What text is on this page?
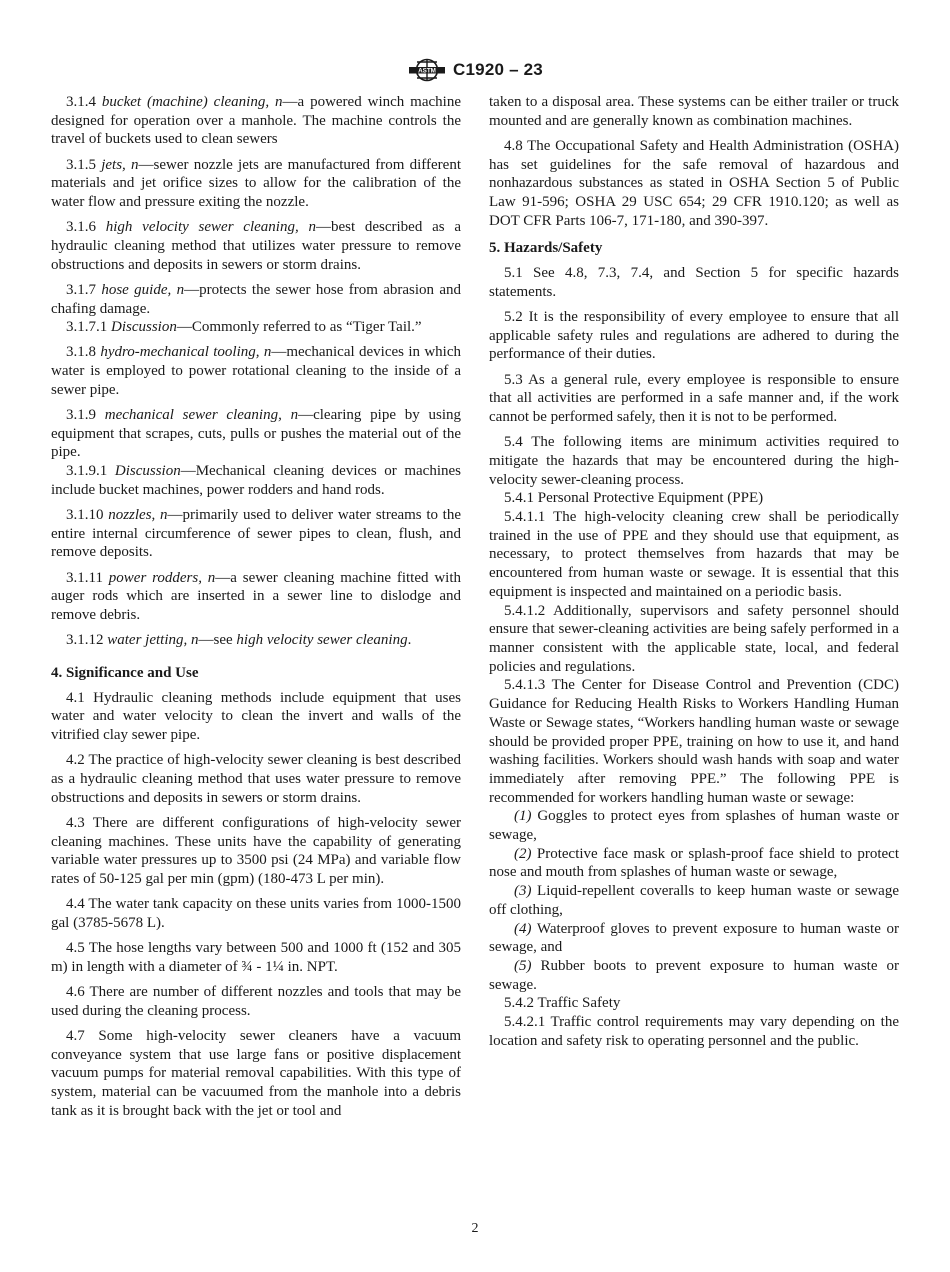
ASTM C1920 – 23

3.1.4 bucket (machine) cleaning, n—a powered winch machine designed for operation over a manhole. The machine controls the travel of buckets used to clean sewers

3.1.5 jets, n—sewer nozzle jets are manufactured from different materials and jet orifice sizes to allow for the calibration of the water flow and pressure exiting the nozzle.

3.1.6 high velocity sewer cleaning, n—best described as a hydraulic cleaning method that utilizes water pressure to remove obstructions and deposits in sewers or storm drains.

3.1.7 hose guide, n—protects the sewer hose from abrasion and chafing damage.

3.1.7.1 Discussion—Commonly referred to as “Tiger Tail.”

3.1.8 hydro-mechanical tooling, n—mechanical devices in which water is employed to power rotational cleaning to the inside of a sewer pipe.

3.1.9 mechanical sewer cleaning, n—clearing pipe by using equipment that scrapes, cuts, pulls or pushes the material out of the pipe.

3.1.9.1 Discussion—Mechanical cleaning devices or machines include bucket machines, power rodders and hand rods.

3.1.10 nozzles, n—primarily used to deliver water streams to the entire internal circumference of sewer pipes to clean, flush, and remove deposits.

3.1.11 power rodders, n—a sewer cleaning machine fitted with auger rods which are inserted in a sewer line to dislodge and remove debris.

3.1.12 water jetting, n—see high velocity sewer cleaning.

4. Significance and Use

4.1 Hydraulic cleaning methods include equipment that uses water and water velocity to clean the invert and walls of the vitrified clay sewer pipe.

4.2 The practice of high-velocity sewer cleaning is best described as a hydraulic cleaning method that uses water pressure to remove obstructions and deposits in sewers or storm drains.

4.3 There are different configurations of high-velocity sewer cleaning machines. These units have the capability of generating variable water pressures up to 3500 psi (24 MPa) and variable flow rates of 50-125 gal per min (gpm) (180-473 L per min).

4.4 The water tank capacity on these units varies from 1000-1500 gal (3785-5678 L).

4.5 The hose lengths vary between 500 and 1000 ft (152 and 305 m) in length with a diameter of ¾ - 1¼ in. NPT.

4.6 There are number of different nozzles and tools that may be used during the cleaning process.

4.7 Some high-velocity sewer cleaners have a vacuum conveyance system that use large fans or positive displacement vacuum pumps for material removal capabilities. With this type of system, material can be vacuumed from the manhole into a debris tank as it is brought back with the jet or tool and

taken to a disposal area. These systems can be either trailer or truck mounted and are generally known as combination machines.

4.8 The Occupational Safety and Health Administration (OSHA) has set guidelines for the safe removal of hazardous and nonhazardous substances as stated in OSHA Section 5 of Public Law 91-596; OSHA 29 USC 654; 29 CFR 1910.120; as well as DOT CFR Parts 106-7, 171-180, and 390-397.

5. Hazards/Safety

5.1 See 4.8, 7.3, 7.4, and Section 5 for specific hazards statements.

5.2 It is the responsibility of every employee to ensure that all applicable safety rules and regulations are adhered to during the performance of their duties.

5.3 As a general rule, every employee is responsible to ensure that all activities are performed in a safe manner and, if the work cannot be performed safely, then it is not to be performed.

5.4 The following items are minimum activities required to mitigate the hazards that may be encountered during the high-velocity sewer-cleaning process.

5.4.1 Personal Protective Equipment (PPE)

5.4.1.1 The high-velocity cleaning crew shall be periodically trained in the use of PPE and they should use that equipment, as necessary, to protect themselves from hazards that may be encountered from human waste or sewage. It is essential that this equipment is inspected and maintained on a periodic basis.

5.4.1.2 Additionally, supervisors and safety personnel should ensure that sewer-cleaning activities are being safely performed in a manner consistent with the applicable state, local, and federal policies and regulations.

5.4.1.3 The Center for Disease Control and Prevention (CDC) Guidance for Reducing Health Risks to Workers Handling Human Waste or Sewage states, “Workers handling human waste or sewage should be provided proper PPE, training on how to use it, and hand washing facilities. Workers should wash hands with soap and water immediately after removing PPE.” The following PPE is recommended for workers handling human waste or sewage:

(1) Goggles to protect eyes from splashes of human waste or sewage,

(2) Protective face mask or splash-proof face shield to protect nose and mouth from splashes of human waste or sewage,

(3) Liquid-repellent coveralls to keep human waste or sewage off clothing,

(4) Waterproof gloves to prevent exposure to human waste or sewage, and

(5) Rubber boots to prevent exposure to human waste or sewage.

5.4.2 Traffic Safety

5.4.2.1 Traffic control requirements may vary depending on the location and safety risk to operating personnel and the public.

2
